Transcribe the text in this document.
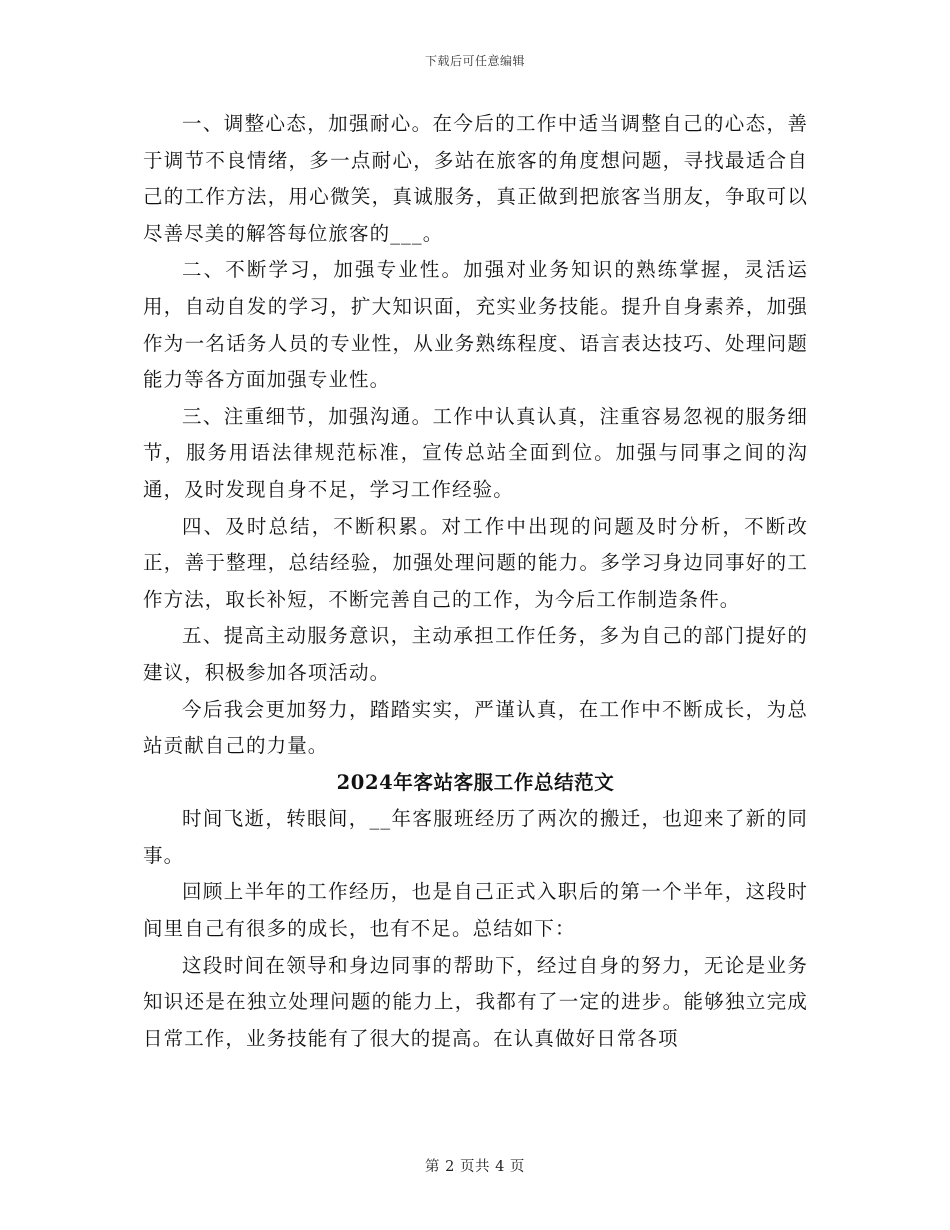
下载后可任意编辑

一、调整心态，加强耐心。在今后的工作中适当调整自己的心态，善于调节不良情绪，多一点耐心，多站在旅客的角度想问题，寻找最适合自己的工作方法，用心微笑，真诚服务，真正做到把旅客当朋友，争取可以尽善尽美的解答每位旅客的___。

二、不断学习，加强专业性。加强对业务知识的熟练掌握，灵活运用，自动自发的学习，扩大知识面，充实业务技能。提升自身素养，加强作为一名话务人员的专业性，从业务熟练程度、语言表达技巧、处理问题能力等各方面加强专业性。

三、注重细节，加强沟通。工作中认真认真，注重容易忽视的服务细节，服务用语法律规范标准，宣传总站全面到位。加强与同事之间的沟通，及时发现自身不足，学习工作经验。

四、及时总结，不断积累。对工作中出现的问题及时分析，不断改正，善于整理，总结经验，加强处理问题的能力。多学习身边同事好的工作方法，取长补短，不断完善自己的工作，为今后工作制造条件。

五、提高主动服务意识，主动承担工作任务，多为自己的部门提好的建议，积极参加各项活动。

今后我会更加努力，踏踏实实，严谨认真，在工作中不断成长，为总站贡献自己的力量。

2024年客站客服工作总结范文

时间飞逝，转眼间，__年客服班经历了两次的搬迁，也迎来了新的同事。

回顾上半年的工作经历，也是自己正式入职后的第一个半年，这段时间里自己有很多的成长，也有不足。总结如下：

这段时间在领导和身边同事的帮助下，经过自身的努力，无论是业务知识还是在独立处理问题的能力上，我都有了一定的进步。能够独立完成日常工作，业务技能有了很大的提高。在认真做好日常各项

第 2 页共 4 页
